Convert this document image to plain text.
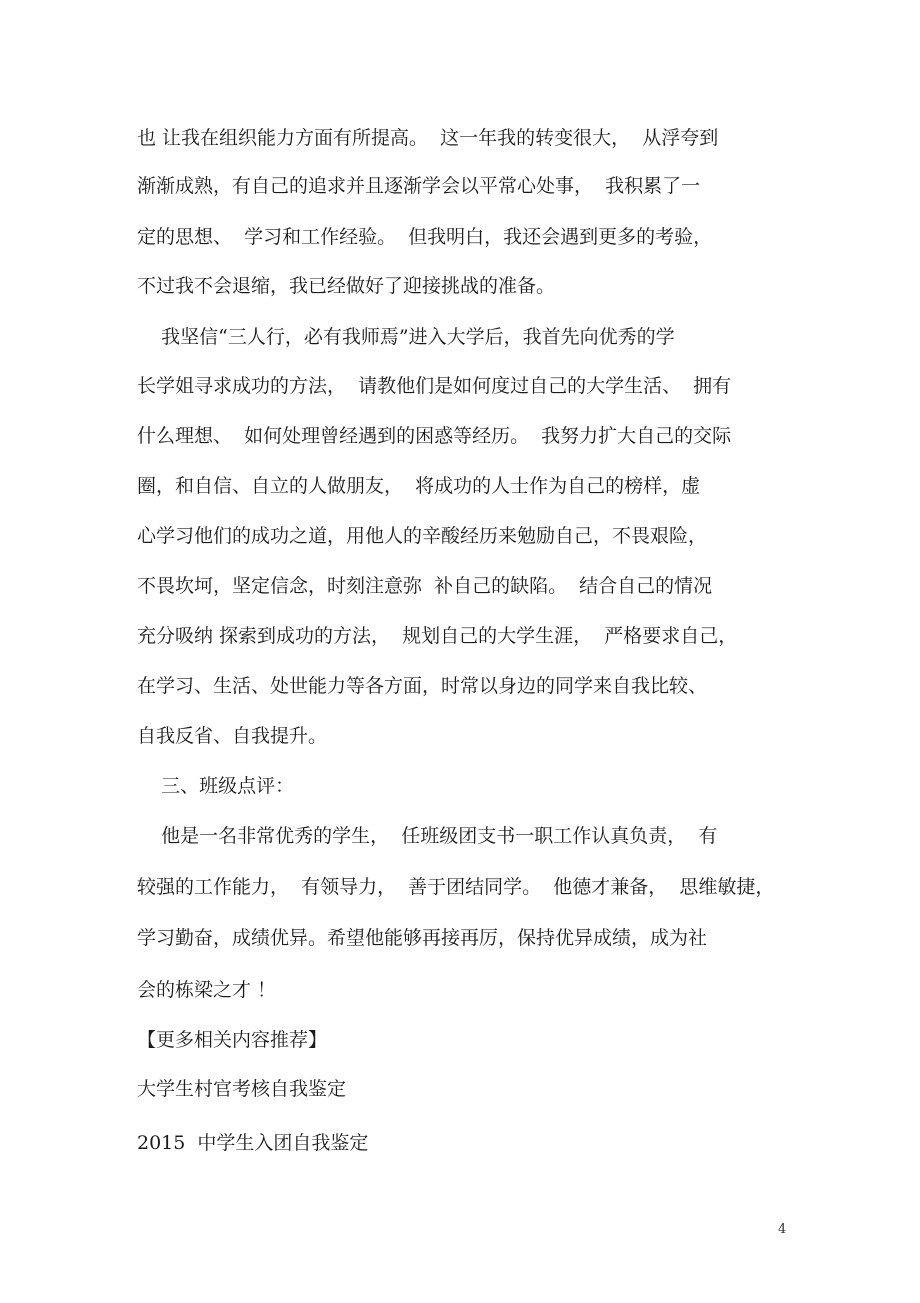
也 让我在组织能力方面有所提高。  这一年我的转变很大，  从浮夸到

渐渐成熟，有自己的追求并且逐渐学会以平常心处事，  我积累了一

定的思想、  学习和工作经验。  但我明白，我还会遇到更多的考验，

不过我不会退缩，我已经做好了迎接挑战的准备。

我坚信“三人行，必有我师焉”进入大学后，我首先向优秀的学

长学姐寻求成功的方法，  请教他们是如何度过自己的大学生活、  拥有

什么理想、  如何处理曾经遇到的困惑等经历。  我努力扩大自己的交际

圈，和自信、自立的人做朋友，  将成功的人士作为自己的榜样，虚

心学习他们的成功之道，用他人的辛酸经历来勉励自己，不畏艰险，

不畏坎坷，坚定信念，时刻注意弥  补自己的缺陷。  结合自己的情况

充分吸纳 探索到成功的方法，  规划自己的大学生涯，  严格要求自己，

在学习、生活、处世能力等各方面，时常以身边的同学来自我比较、

自我反省、自我提升。

三、班级点评：

他是一名非常优秀的学生，  任班级团支书一职工作认真负责，  有

较强的工作能力，  有领导力，  善于团结同学。  他德才兼备，  思维敏捷，

学习勤奋，成绩优异。希望他能够再接再厉，保持优异成绩，成为社

会的栋梁之才 ！

【更多相关内容推荐】

大学生村官考核自我鉴定

2015  中学生入团自我鉴定

4
